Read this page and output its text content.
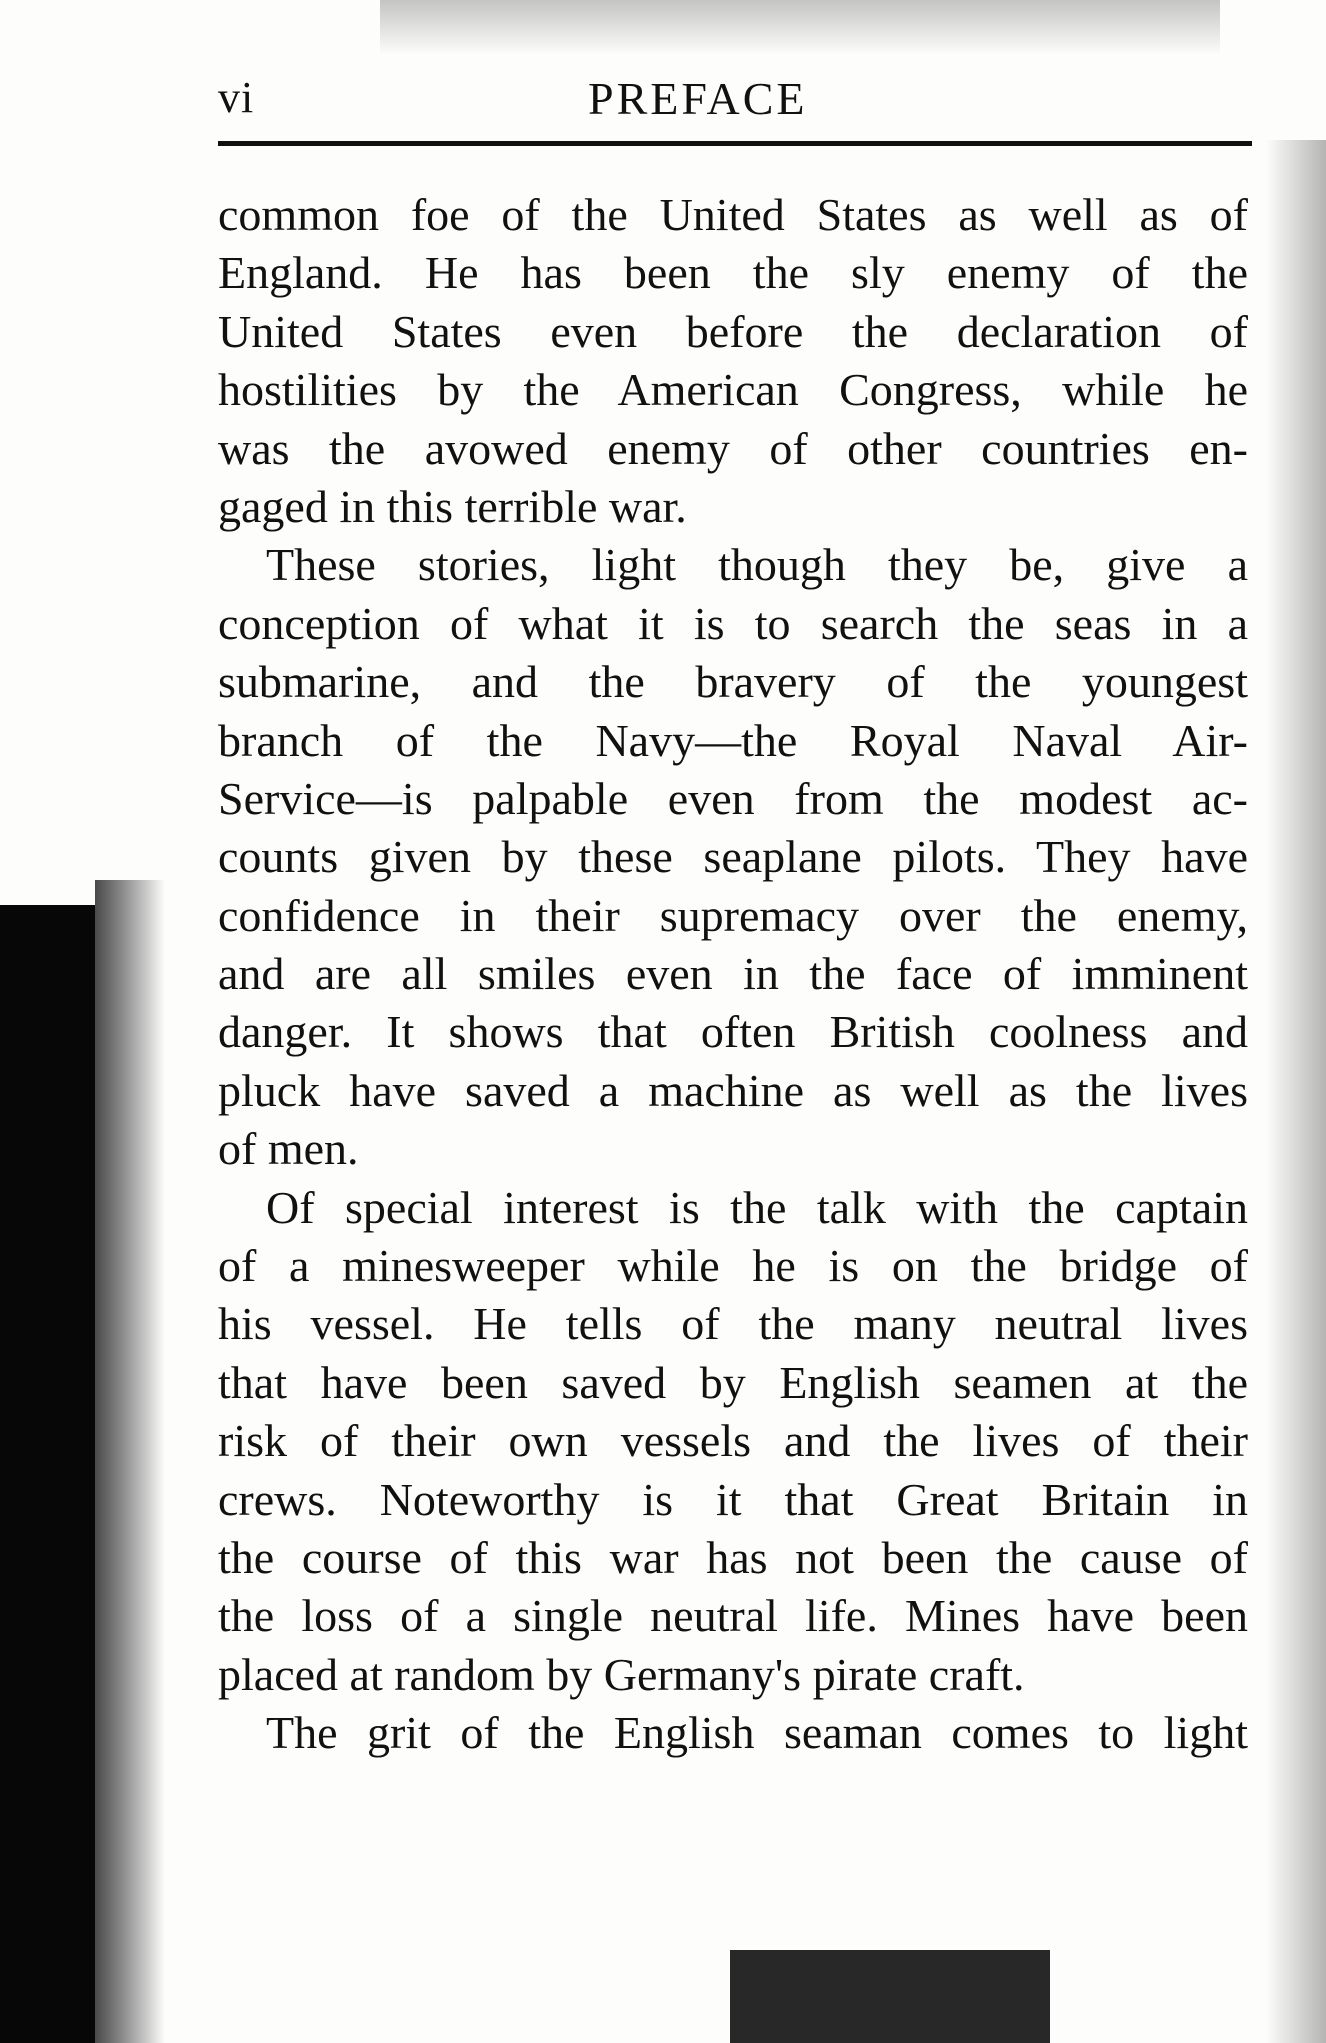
vi	PREFACE
common foe of the United States as well as of
England. He has been the sly enemy of the
United States even before the declaration of
hostilities by the American Congress, while he
was the avowed enemy of other countries en-
gaged in this terrible war.
These stories, light though they be, give a
conception of what it is to search the seas in a
submarine, and the bravery of the youngest
branch of the Navy—the Royal Naval Air-
Service—is palpable even from the modest ac-
counts given by these seaplane pilots. They have
confidence in their supremacy over the enemy,
and are all smiles even in the face of imminent
danger. It shows that often British coolness and
pluck have saved a machine as well as the lives
of men.
Of special interest is the talk with the captain
of a minesweeper while he is on the bridge of
his vessel. He tells of the many neutral lives
that have been saved by English seamen at the
risk of their own vessels and the lives of their
crews. Noteworthy is it that Great Britain in
the course of this war has not been the cause of
the loss of a single neutral life. Mines have been
placed at random by Germany's pirate craft.
The grit of the English seaman comes to light
